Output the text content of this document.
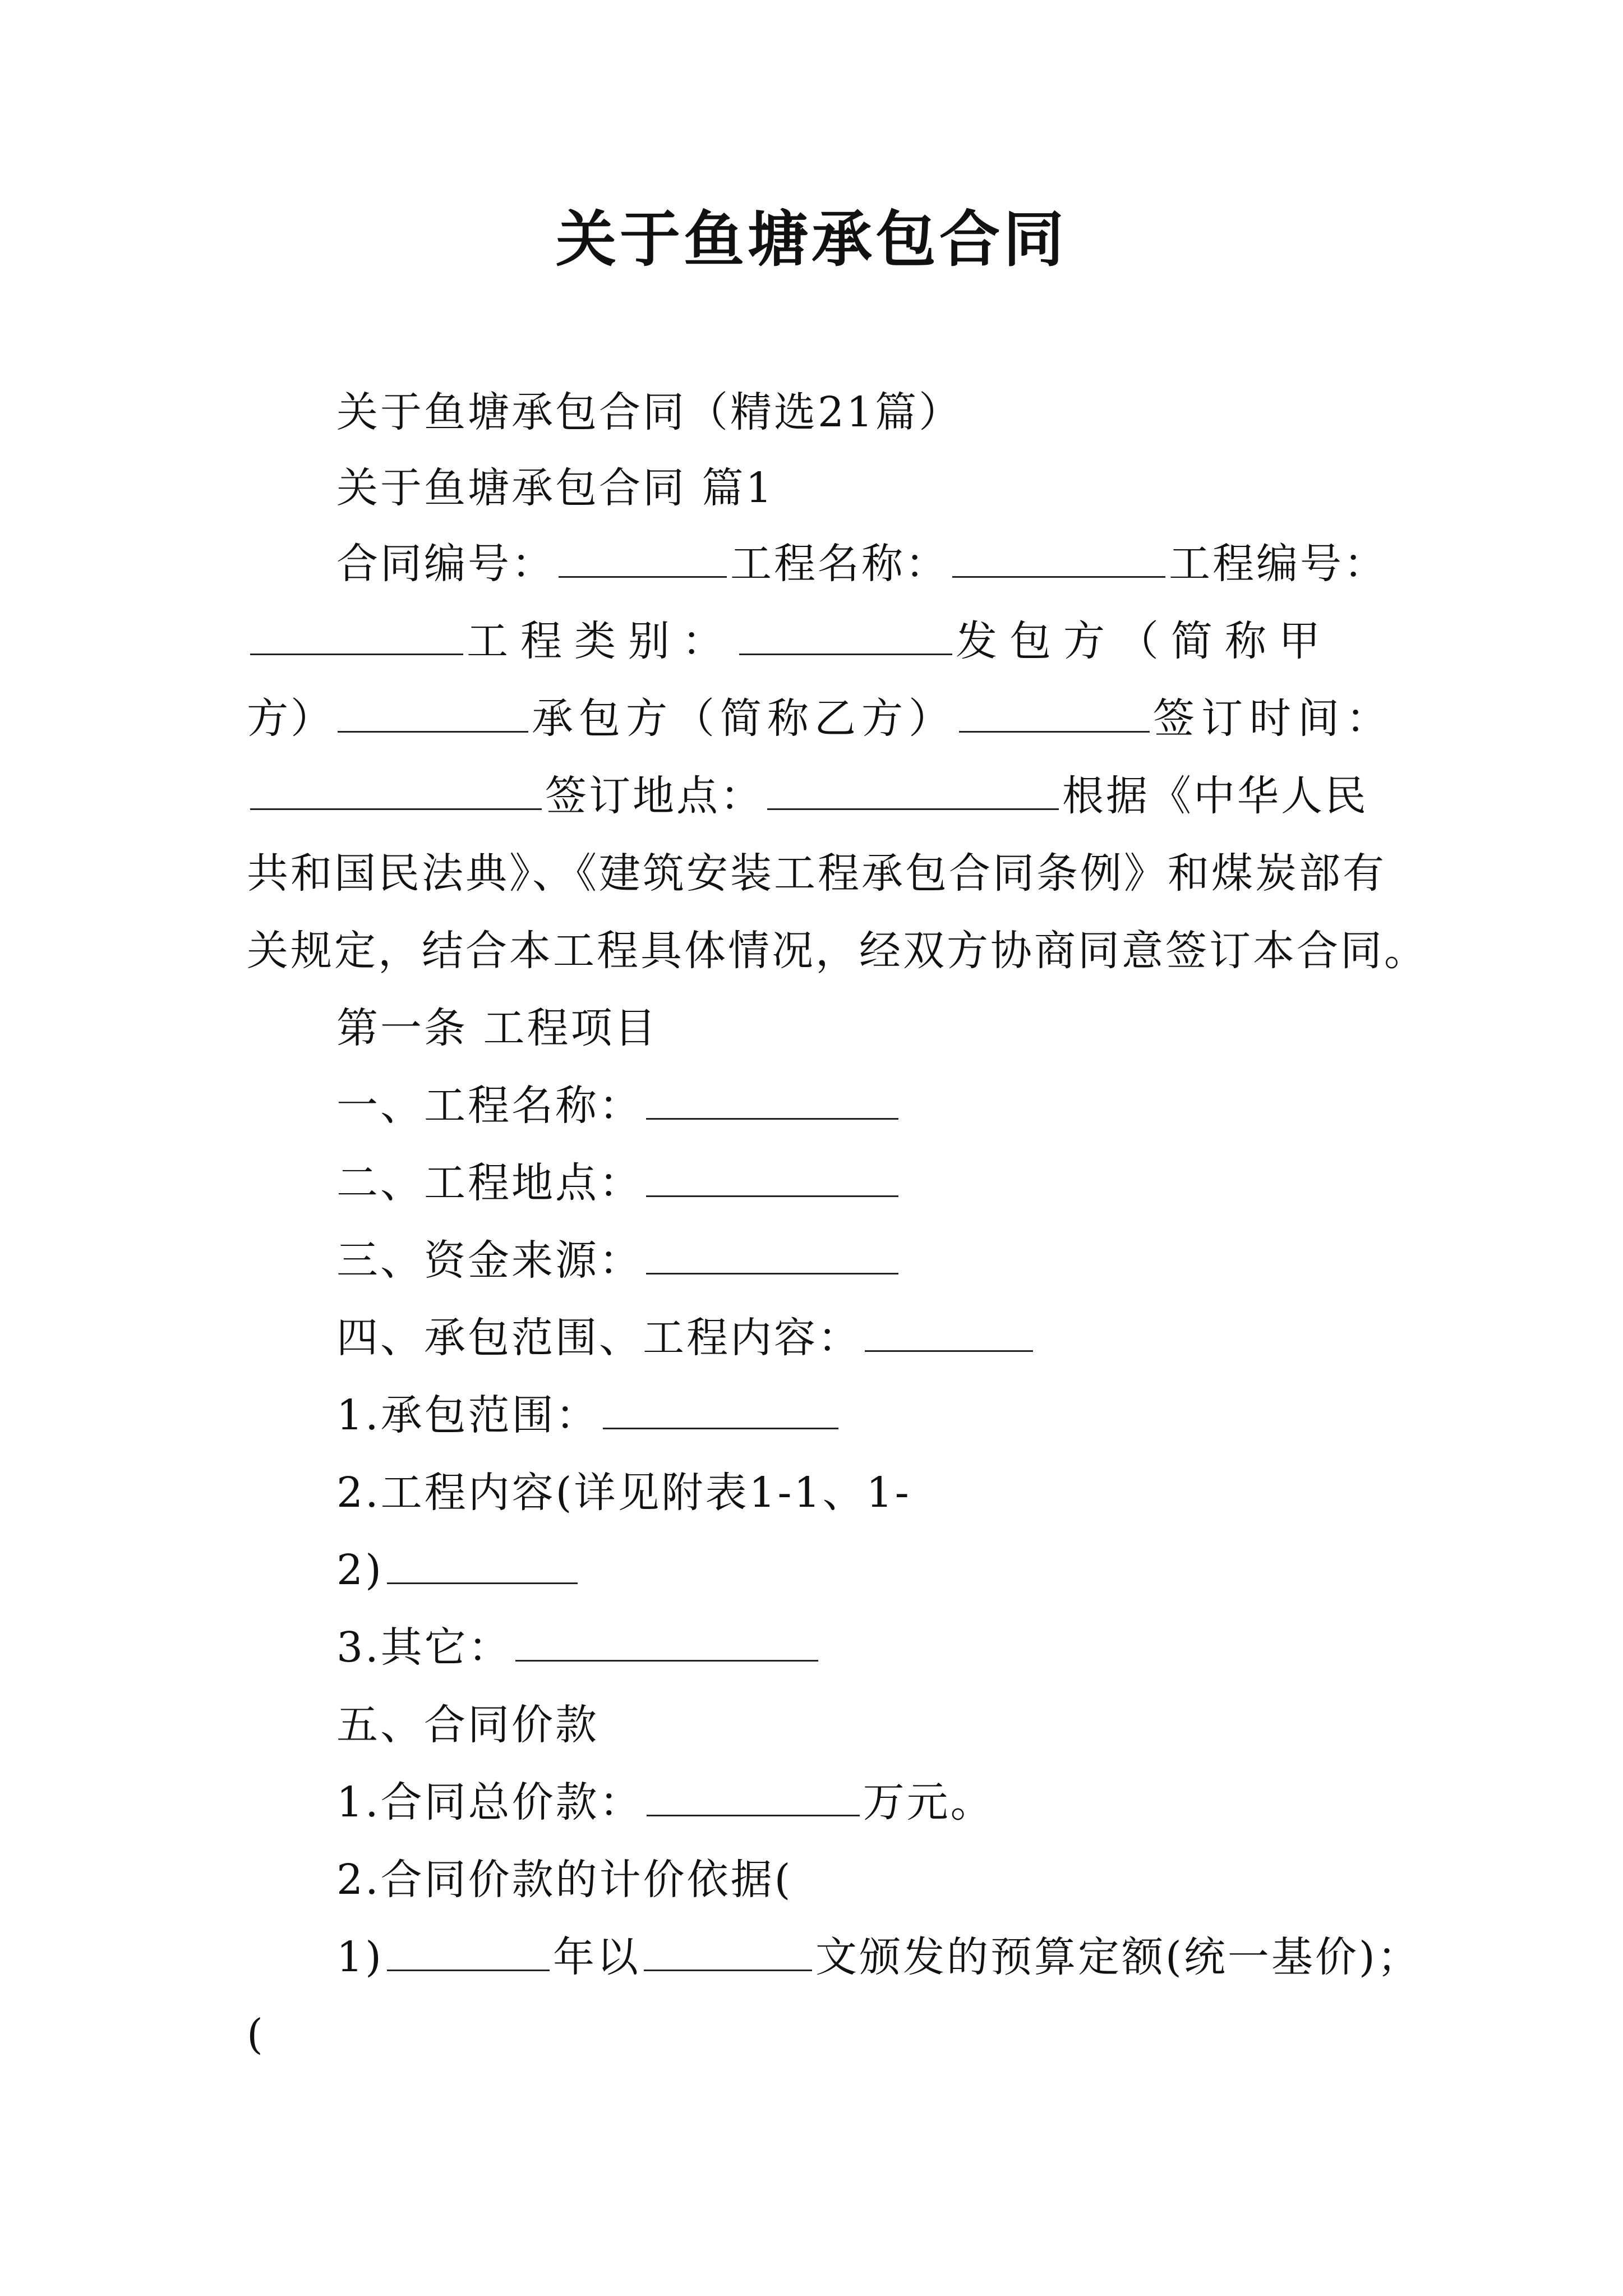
关于鱼塘承包合同
关于鱼塘承包合同（精选21篇）
关于鱼塘承包合同 篇1
合同编号：	工程名称：	工程编号：
工程类别：	发包方（简称甲
方）	承包方（简称乙方）	签订时间：
签订地点：	根据《中华人民
共和国民法典》、《建筑安装工程承包合同条例》和煤炭部有
关规定，结合本工程具体情况，经双方协商同意签订本合同。
第一条 工程项目
一、工程名称：
二、工程地点：
三、资金来源：
四、承包范围、工程内容：
1.承包范围：
2.工程内容(详见附表1-1、1-
2)
3.其它：
五、合同价款
1.合同总价款：	万元。
2.合同价款的计价依据(
1)	年以	文颁发的预算定额(统一基价)；
(
